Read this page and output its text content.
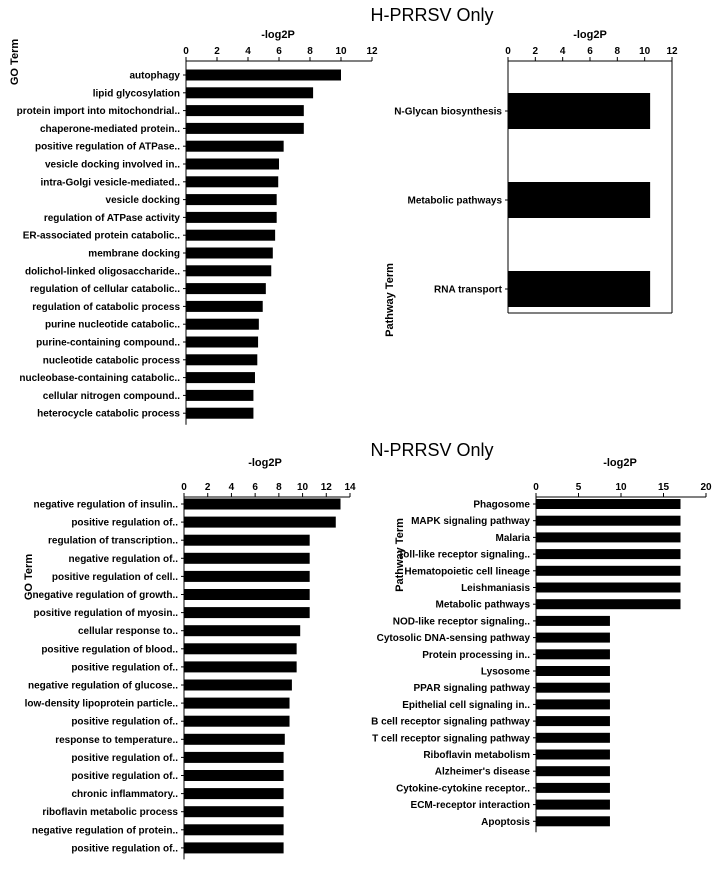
H-PRRSV Only
N-PRRSV Only
-log2P
GO Term	0	2	4	6	8 10 12
autophagy
lipid glycosylation
protein import into mitochondrial..
chaperone-mediated protein..
positive regulation of ATPase..
vesicle docking involved in..
intra-Golgi vesicle-mediated..
vesicle docking
regulation of ATPase activity
ER-associated protein catabolic..
membrane docking
dolichol-linked oligosaccharide..
regulation of cellular catabolic..
regulation of catabolic process
purine nucleotide catabolic..
purine-containing compound..
nucleotide catabolic process
nucleobase-containing catabolic..
cellular nitrogen compound..
heterocycle catabolic process
-log2P
Pathway Term
0 2 4 6 8 10 12
N-Glycan biosynthesis
Metabolic pathways
RNA transport
-log2P
GO Term
0 2 4 6 8 10 12 14
negative regulation of insulin..
positive regulation of..
regulation of transcription..
negative regulation of..
positive regulation of cell..
negative regulation of growth..
positive regulation of myosin..
cellular response to..
positive regulation of blood..
positive regulation of..
negative regulation of glucose..
low-density lipoprotein particle..
positive regulation of..
response to temperature..
positive regulation of..
positive regulation of..
chronic inflammatory..
riboflavin metabolic process
negative regulation of protein..
positive regulation of..
-log2P
Pathway Term
0	5	10	15	20
Phagosome
MAPK signaling pathway
Malaria
Toll-like receptor signaling..
Hematopoietic cell lineage
Leishmaniasis
Metabolic pathways
NOD-like receptor signaling..
Cytosolic DNA-sensing pathway
Protein processing in..
Lysosome
PPAR signaling pathway
Epithelial cell signaling in..
B cell receptor signaling pathway
T cell receptor signaling pathway
Riboflavin metabolism
Alzheimer's disease
Cytokine-cytokine receptor..
ECM-receptor interaction
Apoptosis
